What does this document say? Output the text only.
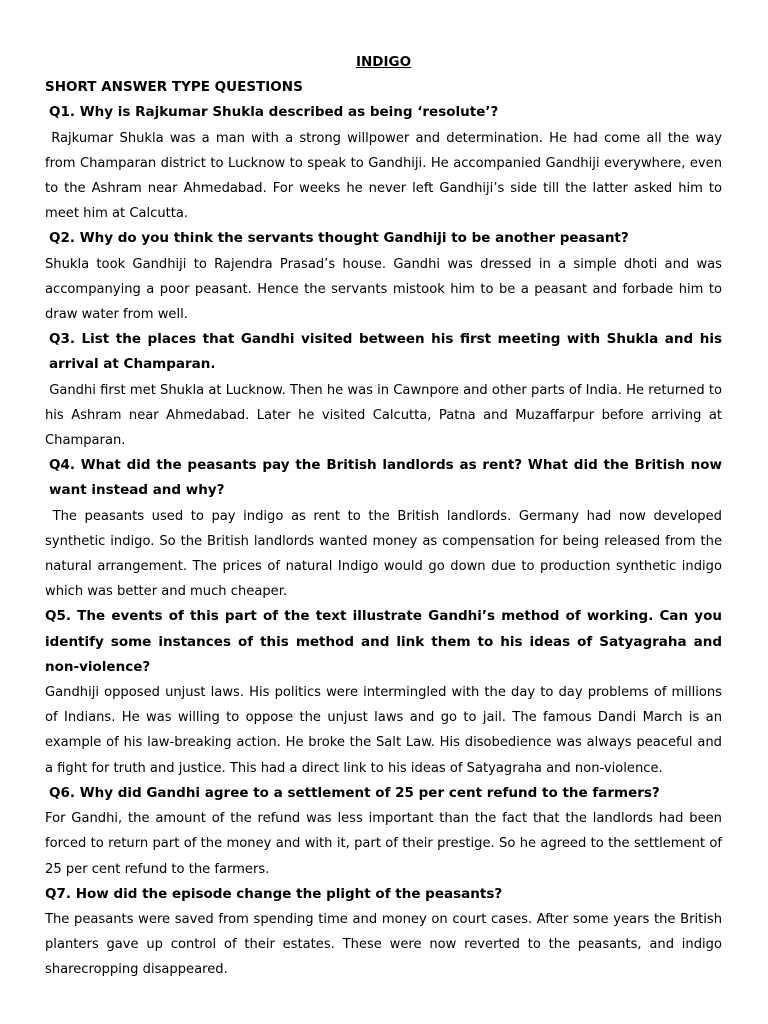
INDIGO

SHORT ANSWER TYPE QUESTIONS

Q1. Why is Rajkumar Shukla described as being ‘resolute’?

Rajkumar Shukla was a man with a strong willpower and determination. He had come all the way from Champaran district to Lucknow to speak to Gandhiji. He accompanied Gandhiji everywhere, even to the Ashram near Ahmedabad. For weeks he never left Gandhiji’s side till the latter asked him to meet him at Calcutta.

Q2. Why do you think the servants thought Gandhiji to be another peasant?

Shukla took Gandhiji to Rajendra Prasad’s house. Gandhi was dressed in a simple dhoti and was accompanying a poor peasant. Hence the servants mistook him to be a peasant and forbade him to draw water from well.

Q3. List the places that Gandhi visited between his first meeting with Shukla and his arrival at Champaran.

Gandhi first met Shukla at Lucknow. Then he was in Cawnpore and other parts of India. He returned to his Ashram near Ahmedabad. Later he visited Calcutta, Patna and Muzaffarpur before arriving at Champaran.

Q4. What did the peasants pay the British landlords as rent? What did the British now want instead and why?

The peasants used to pay indigo as rent to the British landlords. Germany had now developed synthetic indigo. So the British landlords wanted money as compensation for being released from the natural arrangement. The prices of natural Indigo would go down due to production synthetic indigo which was better and much cheaper.

Q5. The events of this part of the text illustrate Gandhi’s method of working. Can you identify some instances of this method and link them to his ideas of Satyagraha and non-violence?

Gandhiji opposed unjust laws. His politics were intermingled with the day to day problems of millions of Indians. He was willing to oppose the unjust laws and go to jail. The famous Dandi March is an example of his law-breaking action. He broke the Salt Law. His disobedience was always peaceful and a fight for truth and justice. This had a direct link to his ideas of Satyagraha and non-violence.

Q6. Why did Gandhi agree to a settlement of 25 per cent refund to the farmers?

For Gandhi, the amount of the refund was less important than the fact that the landlords had been forced to return part of the money and with it, part of their prestige. So he agreed to the settlement of 25 per cent refund to the farmers.

Q7. How did the episode change the plight of the peasants?

The peasants were saved from spending time and money on court cases. After some years the British planters gave up control of their estates. These were now reverted to the peasants, and indigo sharecropping disappeared.
